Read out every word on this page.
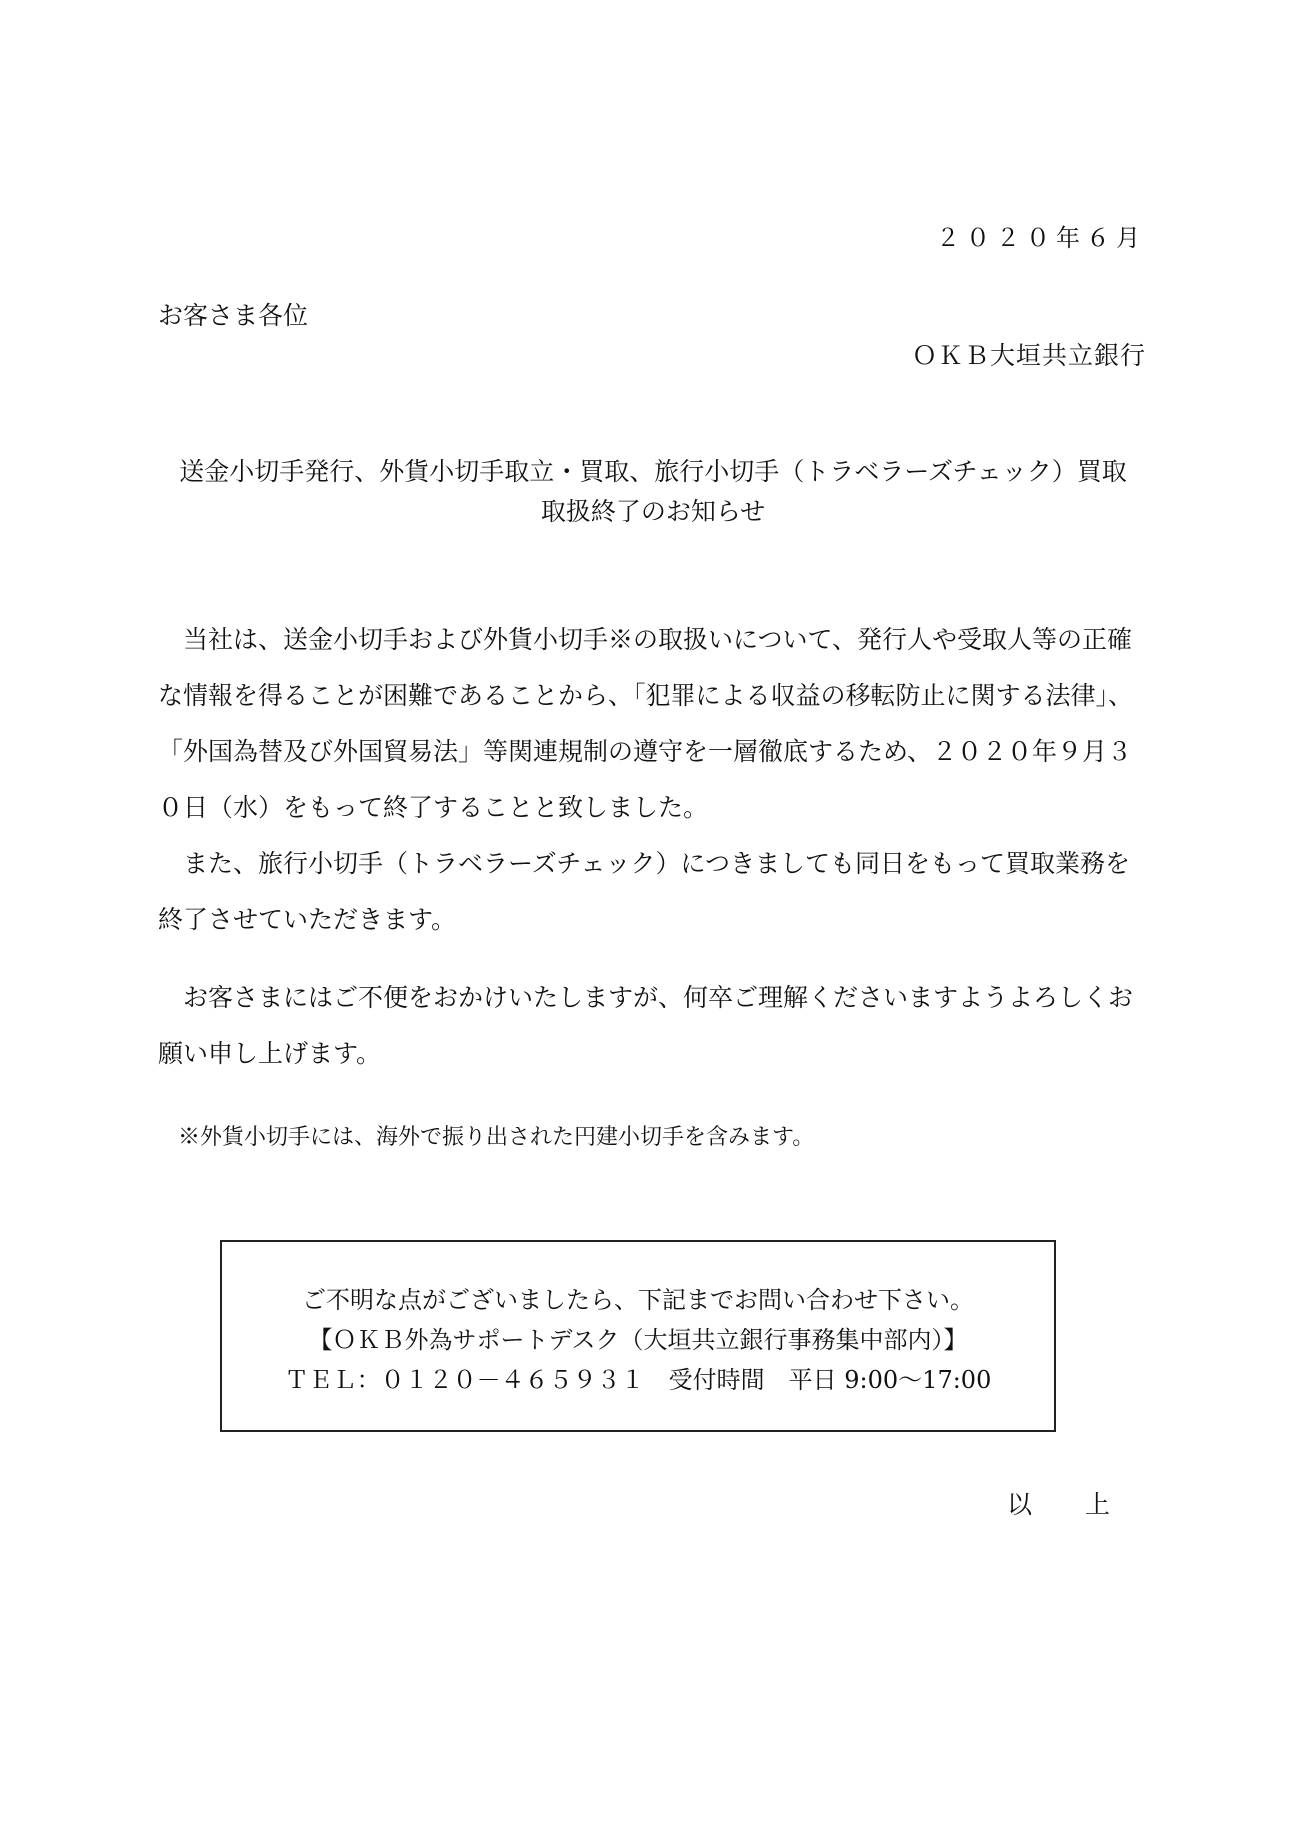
２０２０年６月
お客さま各位
ＯＫＢ大垣共立銀行
送金小切手発行、外貨小切手取立・買取、旅行小切手（トラベラーズチェック）買取
取扱終了のお知らせ

当社は、送金小切手および外貨小切手※の取扱いについて、発行人や受取人等の正確な情報を得ることが困難であることから、「犯罪による収益の移転防止に関する法律」、「外国為替及び外国貿易法」等関連規制の遵守を一層徹底するため、２０２０年９月３０日（水）をもって終了することと致しました。

また、旅行小切手（トラベラーズチェック）につきましても同日をもって買取業務を終了させていただきます。

お客さまにはご不便をおかけいたしますが、何卒ご理解くださいますようよろしくお願い申し上げます。

※外貨小切手には、海外で振り出された円建小切手を含みます。
ご不明な点がございましたら、下記までお問い合わせ下さい。
【ＯＫＢ外為サポートデスク（大垣共立銀行事務集中部内）】
ＴＥＬ：０１２０－４６５９３１　受付時間　平日 9:00～17:00
以　上
